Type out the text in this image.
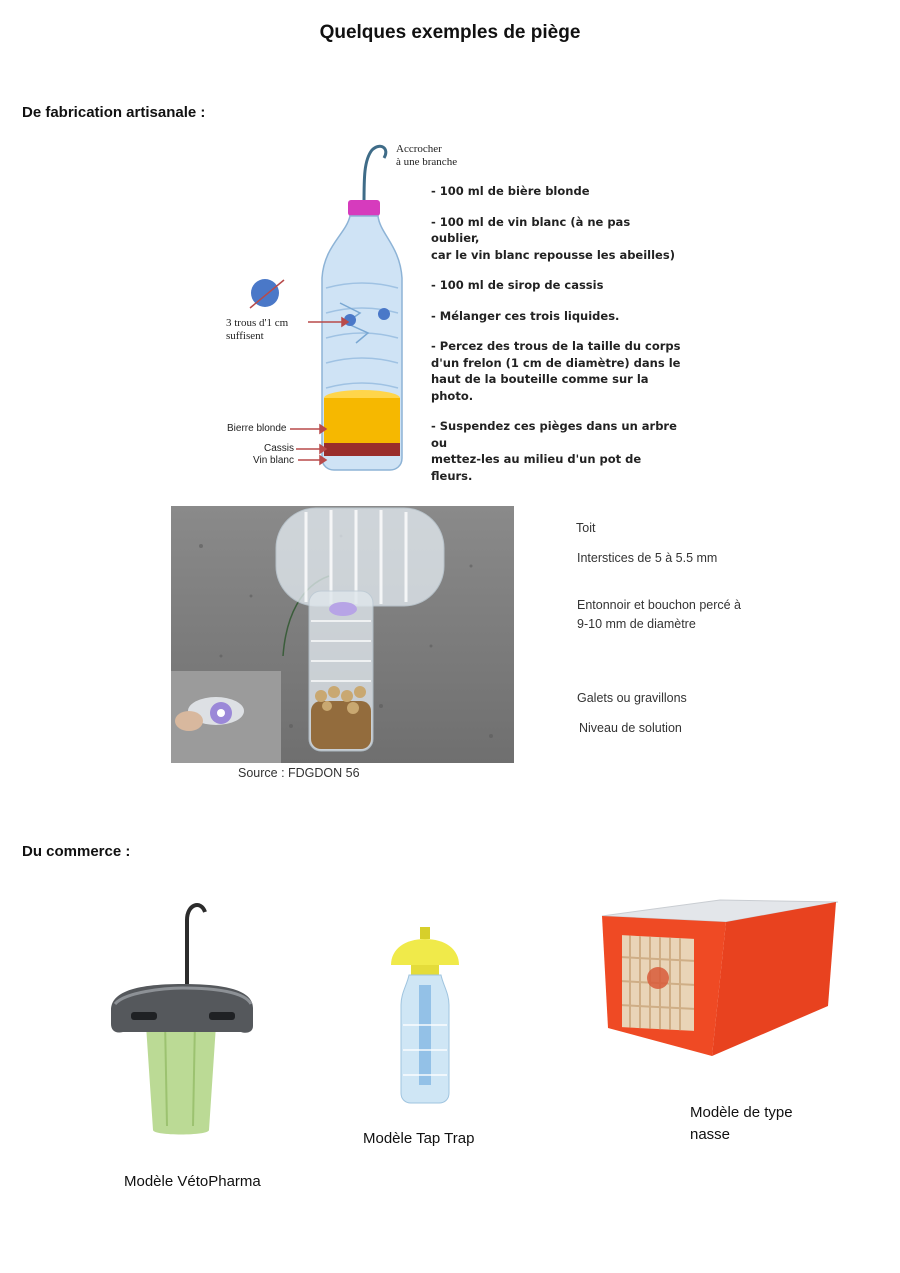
Quelques exemples de piège
De fabrication artisanale :
Accrocher
à une branche
3 trous d'1 cm
suffisent
Bierre blonde
Cassis
Vin blanc
- 100 ml de bière blonde
- 100 ml de vin blanc (à ne pas oublier,
car le vin blanc repousse les abeilles)
- 100 ml de sirop de cassis
- Mélanger ces trois liquides.
- Percez des trous de la taille du corps
d'un frelon (1 cm de diamètre) dans le
haut de la bouteille comme sur la photo.
- Suspendez ces pièges dans un arbre ou
mettez-les au milieu d'un pot de fleurs.
Source : FDGDON 56
Toit
Interstices de 5 à 5.5 mm
Entonnoir et bouchon percé à
9-10 mm de diamètre
Galets ou gravillons
Niveau de solution
Du commerce :
Modèle VétoPharma
Modèle Tap Trap
Modèle de type
nasse
